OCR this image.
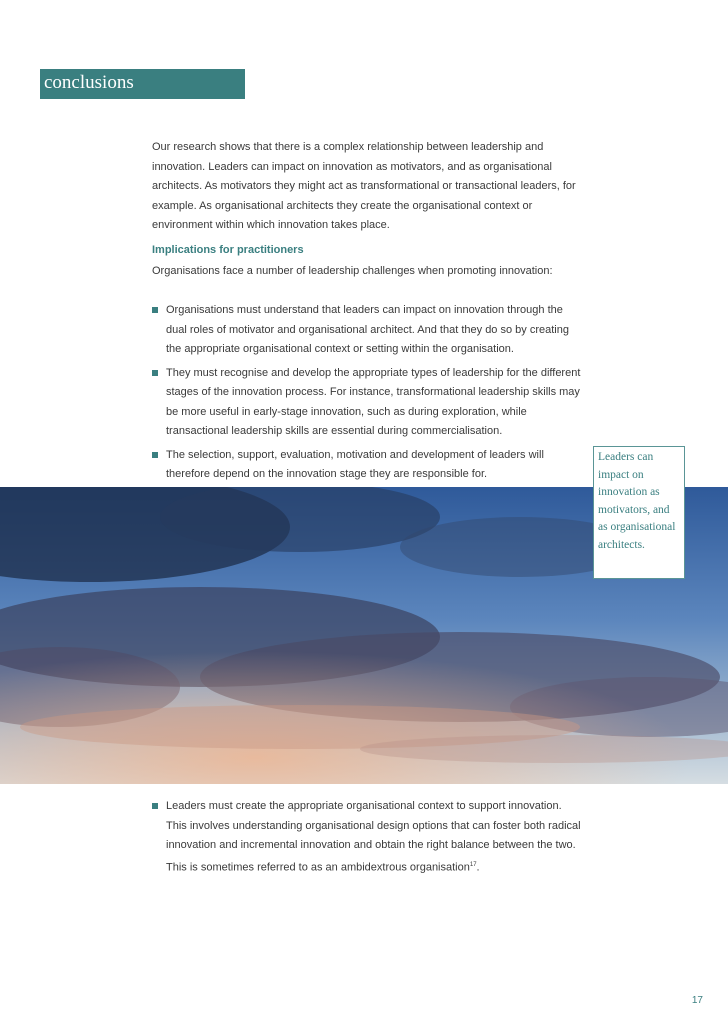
conclusions

Our research shows that there is a complex relationship between leadership and innovation. Leaders can impact on innovation as motivators, and as organisational architects. As motivators they might act as transformational or transactional leaders, for example. As organisational architects they create the organisational context or environment within which innovation takes place.

Implications for practitioners

Organisations face a number of leadership challenges when promoting innovation:

Organisations must understand that leaders can impact on innovation through the dual roles of motivator and organisational architect. And that they do so by creating the appropriate organisational context or setting within the organisation.
They must recognise and develop the appropriate types of leadership for the different stages of the innovation process. For instance, transformational leadership skills may be more useful in early-stage innovation, such as during exploration, while transactional leadership skills are essential during commercialisation.
The selection, support, evaluation, motivation and development of leaders will therefore depend on the innovation stage they are responsible for.

Leaders can impact on innovation as motivators, and as organisational architects.

Leaders must create the appropriate organisational context to support innovation. This involves understanding organisational design options that can foster both radical innovation and incremental innovation and obtain the right balance between the two. This is sometimes referred to as an ambidextrous organisation$^{17}$.
17
